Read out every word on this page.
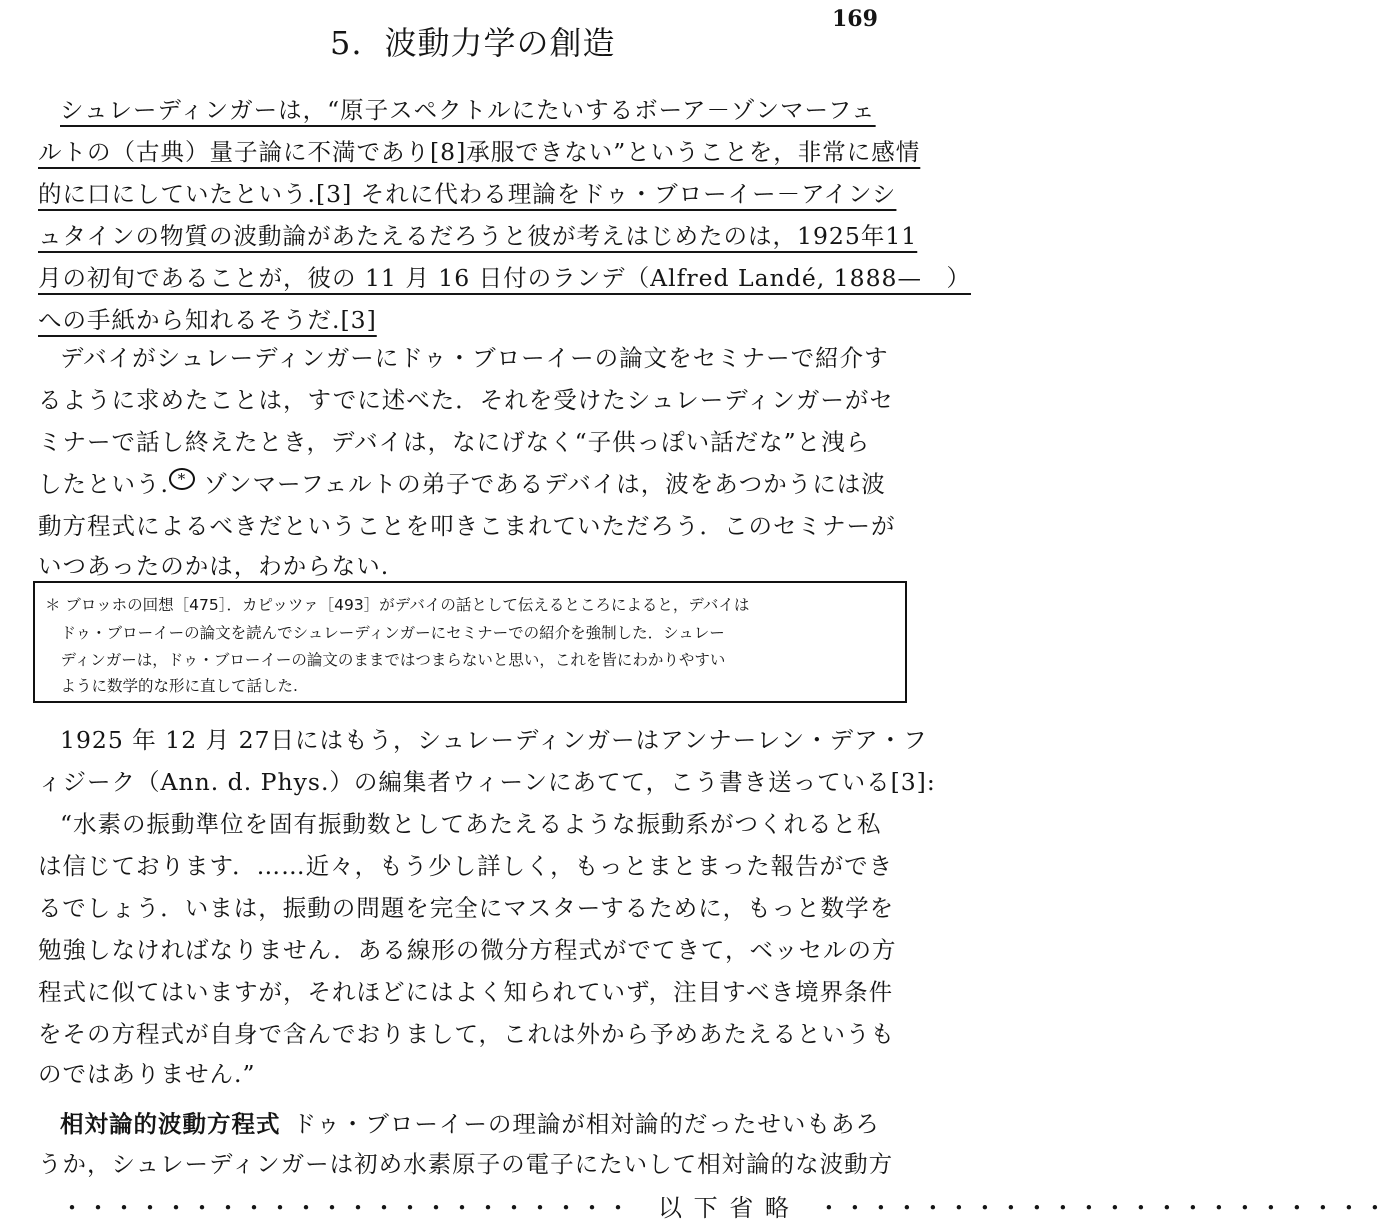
169
5. 波動力学の創造
シュレーディンガーは，“原子スペクトルにたいするボーア－ゾンマーフェ
ルトの（古典）量子論に不満であり[8]承服できない”ということを，非常に感情
的に口にしていたという.[3] それに代わる理論をドゥ・ブローイー－アインシ
ュタインの物質の波動論があたえるだろうと彼が考えはじめたのは，1925年11
月の初旬であることが，彼の 11 月 16 日付のランデ（Alfred Landé, 1888—　）
への手紙から知れるそうだ.[3]
デバイがシュレーディンガーにドゥ・ブローイーの論文をセミナーで紹介す
るように求めたことは，すでに述べた．それを受けたシュレーディンガーがセ
ミナーで話し終えたとき，デバイは，なにげなく“子供っぽい話だな”と洩ら
したという. * ゾンマーフェルトの弟子であるデバイは，波をあつかうには波
動方程式によるべきだということを叩きこまれていただろう．このセミナーが
いつあったのかは，わからない.
＊ ブロッホの回想［475］．カピッツァ［493］がデバイの話として伝えるところによると，デバイは
　ドゥ・ブローイーの論文を読んでシュレーディンガーにセミナーでの紹介を強制した．シュレー
　ディンガーは，ドゥ・ブローイーの論文のままではつまらないと思い，これを皆にわかりやすい
　ように数学的な形に直して話した.
1925 年 12 月 27日にはもう，シュレーディンガーはアンナーレン・デア・フ
ィジーク（Ann. d. Phys.）の編集者ウィーンにあてて，こう書き送っている[3]:
“水素の振動準位を固有振動数としてあたえるような振動系がつくれると私
は信じております．……近々，もう少し詳しく，もっとまとまった報告ができ
るでしょう．いまは，振動の問題を完全にマスターするために，もっと数学を
勉強しなければなりません．ある線形の微分方程式がでてきて，ベッセルの方
程式に似てはいますが，それほどにはよく知られていず，注目すべき境界条件
をその方程式が自身で含んでおりまして，これは外から予めあたえるというも
のではありません.”
相対論的波動方程式 ドゥ・ブローイーの理論が相対論的だったせいもあろ
うか，シュレーディンガーは初め水素原子の電子にたいして相対論的な波動方
・・・・・・・・・・・・・・・・・・・・・・　以 下 省 略　・・・・・・・・・・・・・・・・・・・・・・
